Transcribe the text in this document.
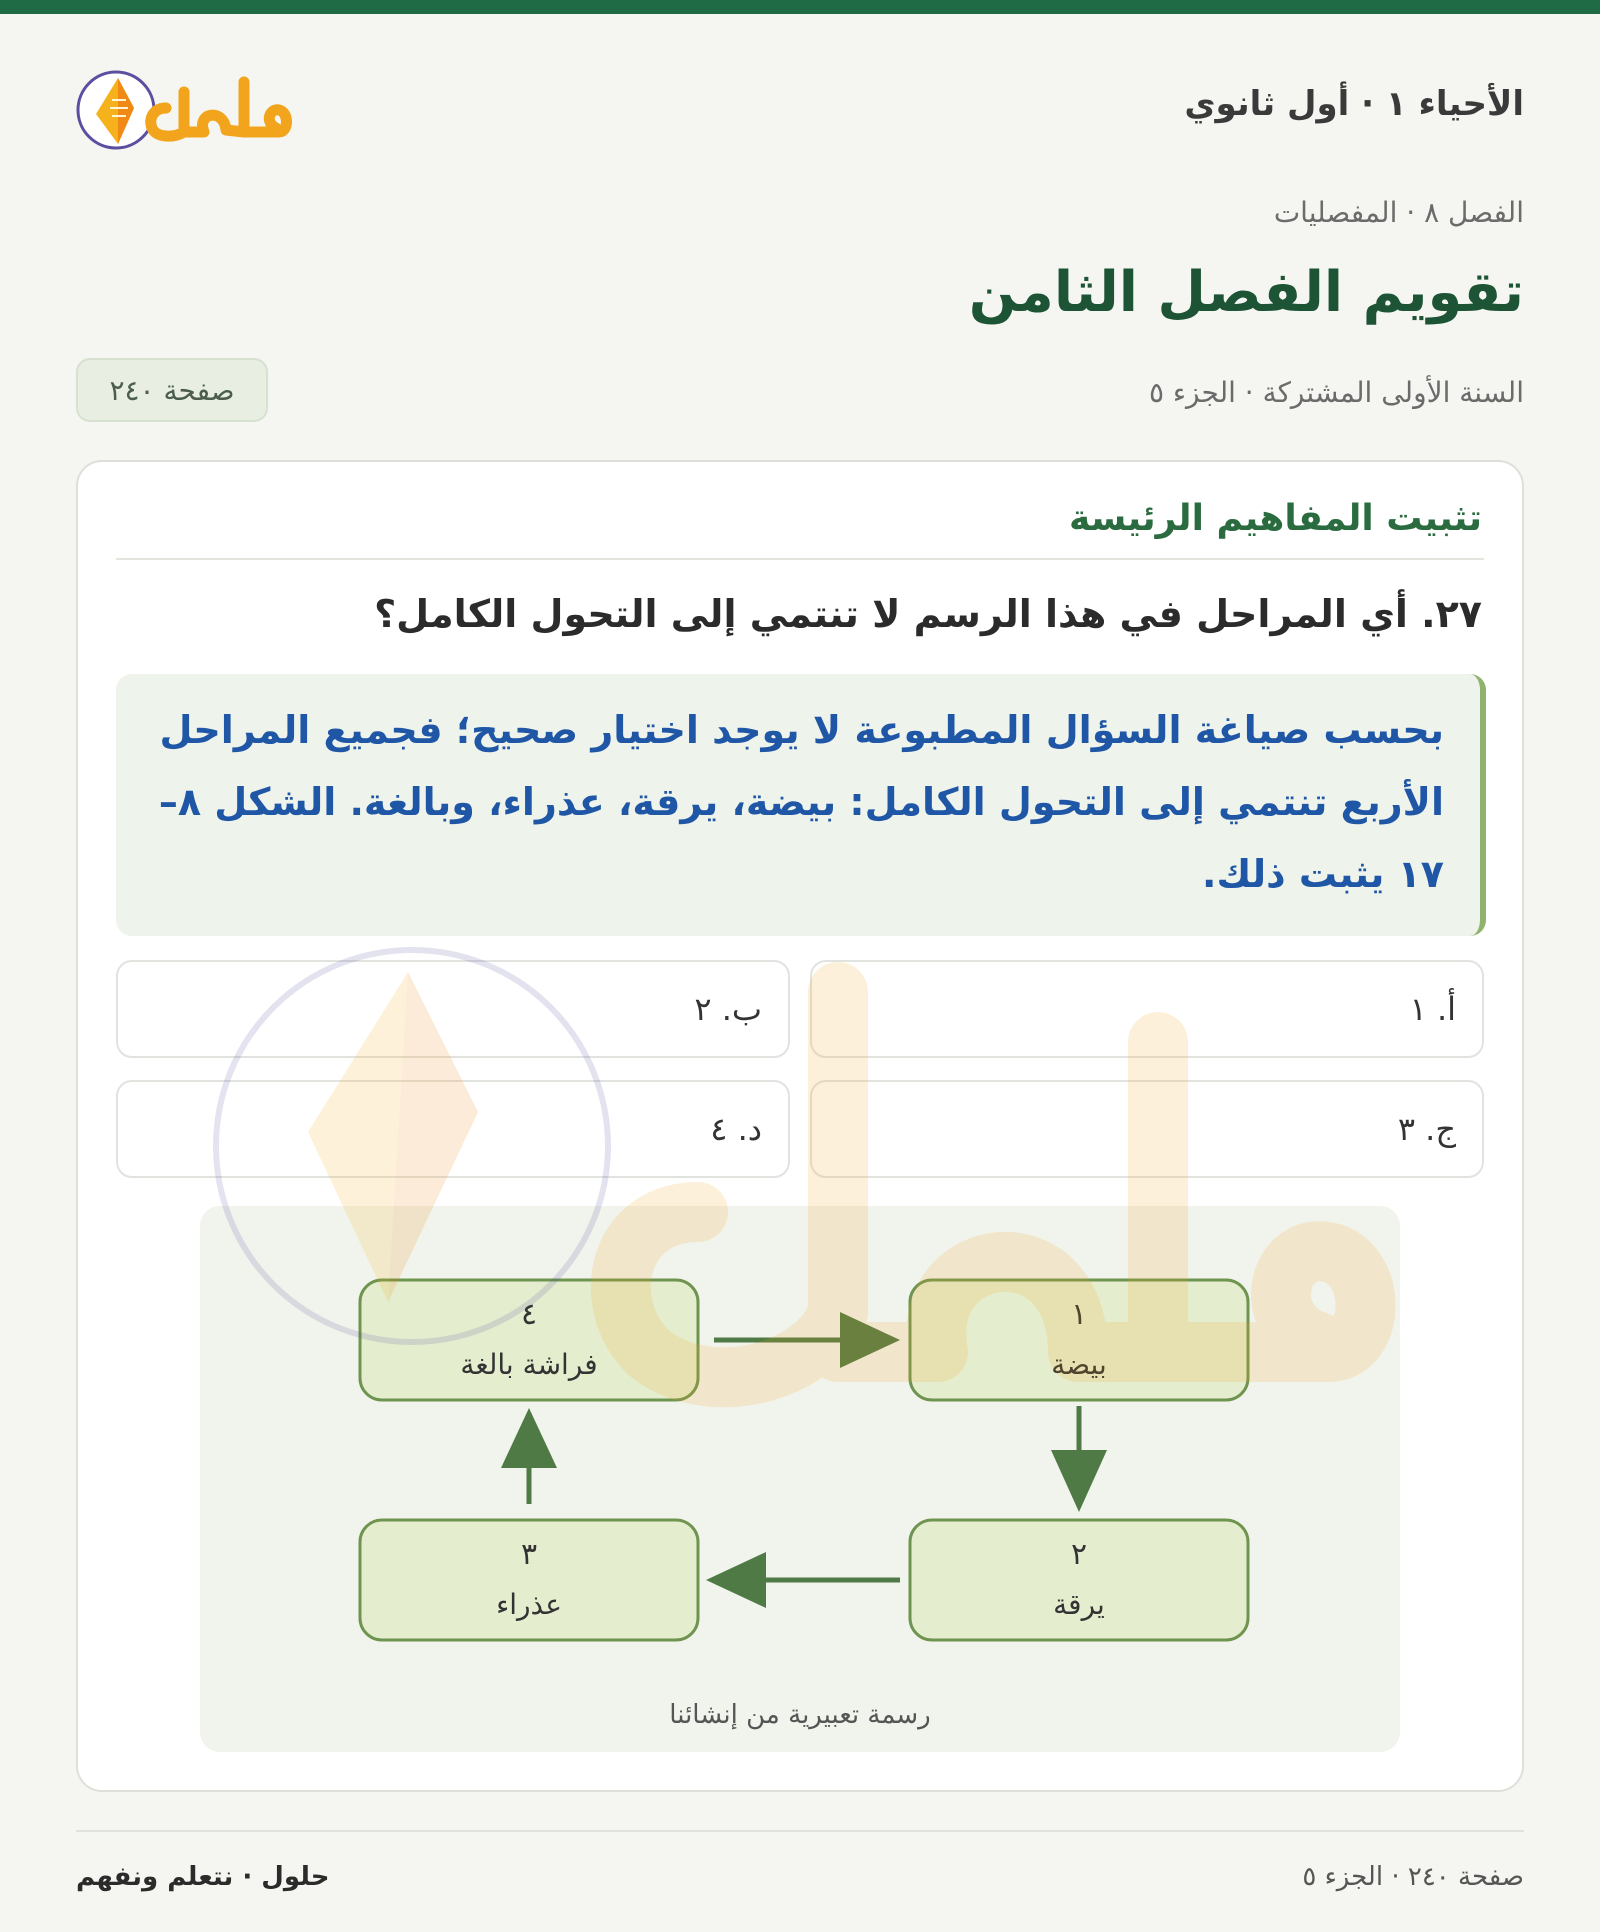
الأحياء ١ · أول ثانوي
الفصل ٨ · المفصليات
تقويم الفصل الثامن
السنة الأولى المشتركة · الجزء ٥
صفحة ٢٤٠
تثبيت المفاهيم الرئيسة
٢٧. أي المراحل في هذا الرسم لا تنتمي إلى التحول الكامل؟
بحسب صياغة السؤال المطبوعة لا يوجد اختيار صحيح؛ فجميع المراحل الأربع تنتمي إلى التحول الكامل: بيضة، يرقة، عذراء، وبالغة. الشكل ٨–١٧ يثبت ذلك.
أ. ١
ب. ٢
ج. ٣
د. ٤
٤
فراشة بالغة
١
بيضة
٣
عذراء
٢
يرقة
رسمة تعبيرية من إنشائنا
صفحة ٢٤٠ · الجزء ٥
حلول · نتعلم ونفهم
